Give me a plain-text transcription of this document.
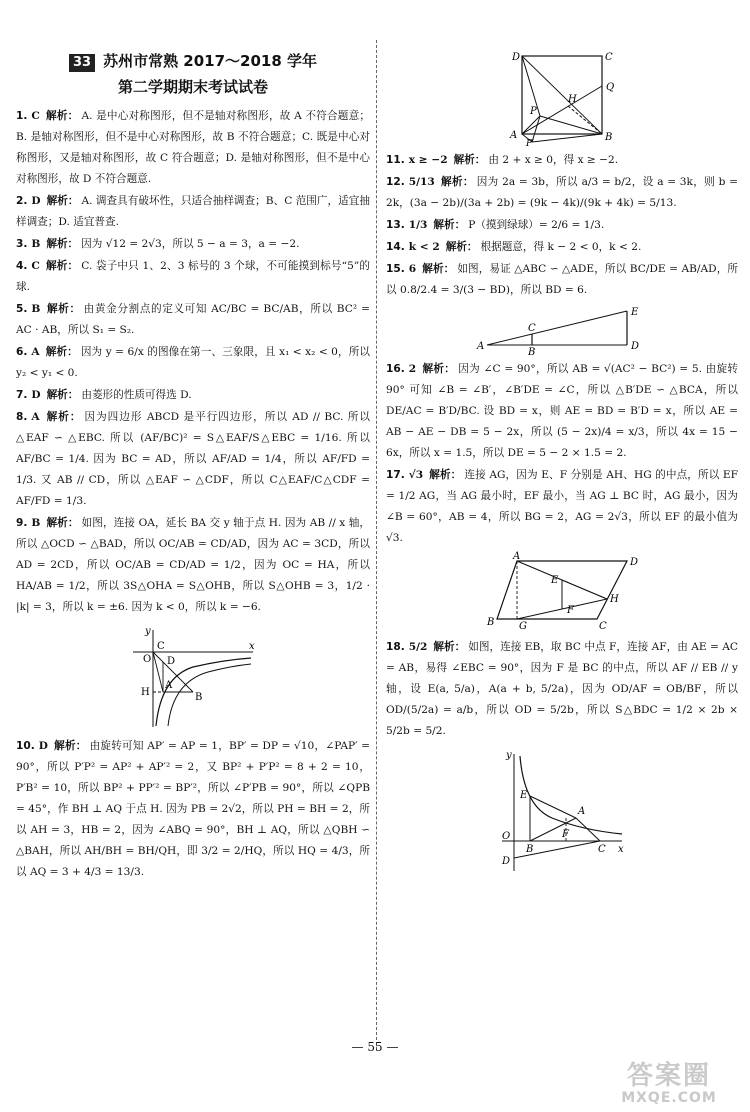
33 苏州市常熟 2017～2018 学年
第二学期期末考试试卷
1. C 解析： A. 是中心对称图形，但不是轴对称图形，故 A 不符合题意；B. 是轴对称图形，但不是中心对称图形，故 B 不符合题意；C. 既是中心对称图形，又是轴对称图形，故 C 符合题意；D. 是轴对称图形，但不是中心对称图形，故 D 不符合题意.
2. D 解析： A. 调查具有破坏性，只适合抽样调查；B、C 范围广，适宜抽样调查；D. 适宜普查.
3. B 解析： 因为 √12 = 2√3，所以 5 − a = 3，a = −2.
4. C 解析： C. 袋子中只 1、2、3 标号的 3 个球，不可能摸到标号“5”的球.
5. B 解析： 由黄金分割点的定义可知 AC/BC = BC/AB，所以 BC² = AC · AB，所以 S₁ = S₂.
6. A 解析： 因为 y = 6/x 的图像在第一、三象限，且 x₁ < x₂ < 0，所以 y₂ < y₁ < 0.
7. D 解析： 由菱形的性质可得选 D.
8. A 解析： 因为四边形 ABCD 是平行四边形，所以 AD // BC. 所以 △EAF ∽ △EBC. 所以 (AF/BC)² = S△EAF/S△EBC = 1/16. 所以 AF/BC = 1/4. 因为 BC = AD，所以 AF/AD = 1/4，所以 AF/FD = 1/3. 又 AB // CD，所以 △EAF ∽ △CDF，所以 C△EAF/C△CDF = AF/FD = 1/3.
9. B 解析： 如图，连接 OA，延长 BA 交 y 轴于点 H. 因为 AB // x 轴，所以 △OCD ∽ △BAD，所以 OC/AB = CD/AD，因为 AC = 3CD，所以 AD = 2CD，所以 OC/AB = CD/AD = 1/2，因为 OC = HA，所以 HA/AB = 1/2，所以 3S△OHA = S△OHB，所以 S△OHB = 3，1/2 · |k| = 3，所以 k = ±6. 因为 k < 0，所以 k = −6.
y
C
D
A
H
O
B
x
10. D 解析： 由旋转可知 AP′ = AP = 1，BP′ = DP = √10，∠PAP′ = 90°，所以 P′P² = AP² + AP′² = 2，又 BP² + P′P² = 8 + 2 = 10，P′B² = 10，所以 BP² + PP′² = BP′²，所以 ∠P′PB = 90°，所以 ∠QPB = 45°，作 BH ⊥ AQ 于点 H. 因为 PB = 2√2，所以 PH = BH = 2，所以 AH = 3，HB = 2，因为 ∠ABQ = 90°，BH ⊥ AQ，所以 △QBH ∽ △BAH，所以 AH/BH = BH/QH，即 3/2 = 2/HQ，所以 HQ = 4/3，所以 AQ = 3 + 4/3 = 13/3.
D	C
Q
H
P
A
P′
B
11. x ≥ −2 解析： 由 2 + x ≥ 0，得 x ≥ −2.
12. 5/13 解析： 因为 2a = 3b，所以 a/3 = b/2，设 a = 3k，则 b = 2k，(3a − 2b)/(3a + 2b) = (9k − 4k)/(9k + 4k) = 5/13.
13. 1/3 解析： P（摸到绿球）= 2/6 = 1/3.
14. k < 2 解析： 根据题意，得 k − 2 < 0，k < 2.
15. 6 解析： 如图，易证 △ABC ∽ △ADE，所以 BC/DE = AB/AD，所以 0.8/2.4 = 3/(3 − BD)，所以 BD = 6.
A
C
B
E
D
16. 2 解析： 因为 ∠C = 90°，所以 AB = √(AC² − BC²) = 5. 由旋转 90° 可知 ∠B = ∠B′，∠B′DE = ∠C，所以 △B′DE ∽ △BCA，所以 DE/AC = B′D/BC. 设 BD = x，则 AE = BD = B′D = x，所以 AE = AB − AE − DB = 5 − 2x，所以 (5 − 2x)/4 = x/3，所以 4x = 15 − 6x，所以 x = 1.5，所以 DE = 5 − 2 × 1.5 = 2.
17. √3 解析： 连接 AG，因为 E、F 分别是 AH、HG 的中点，所以 EF = 1/2 AG，当 AG 最小时，EF 最小，当 AG ⊥ BC 时，AG 最小，因为 ∠B = 60°，AB = 4，所以 BG = 2，AG = 2√3，所以 EF 的最小值为 √3.
A
D
E
H
F
B G	C
18. 5/2 解析： 如图，连接 EB，取 BC 中点 F，连接 AF，由 AE = AC = AB，易得 ∠EBC = 90°，因为 F 是 BC 的中点，所以 AF // EB // y 轴，设 E(a, 5/a)，A(a + b, 5/2a)，因为 OD/AF = OB/BF，所以 OD/(5/2a) = a/b，所以 OD = 5/2b，所以 S△BDC = 1/2 × 2b × 5/2b = 5/2.
y
E
A
O
B
F
C x
D
— 55 —
答案圈
MXQE.COM
